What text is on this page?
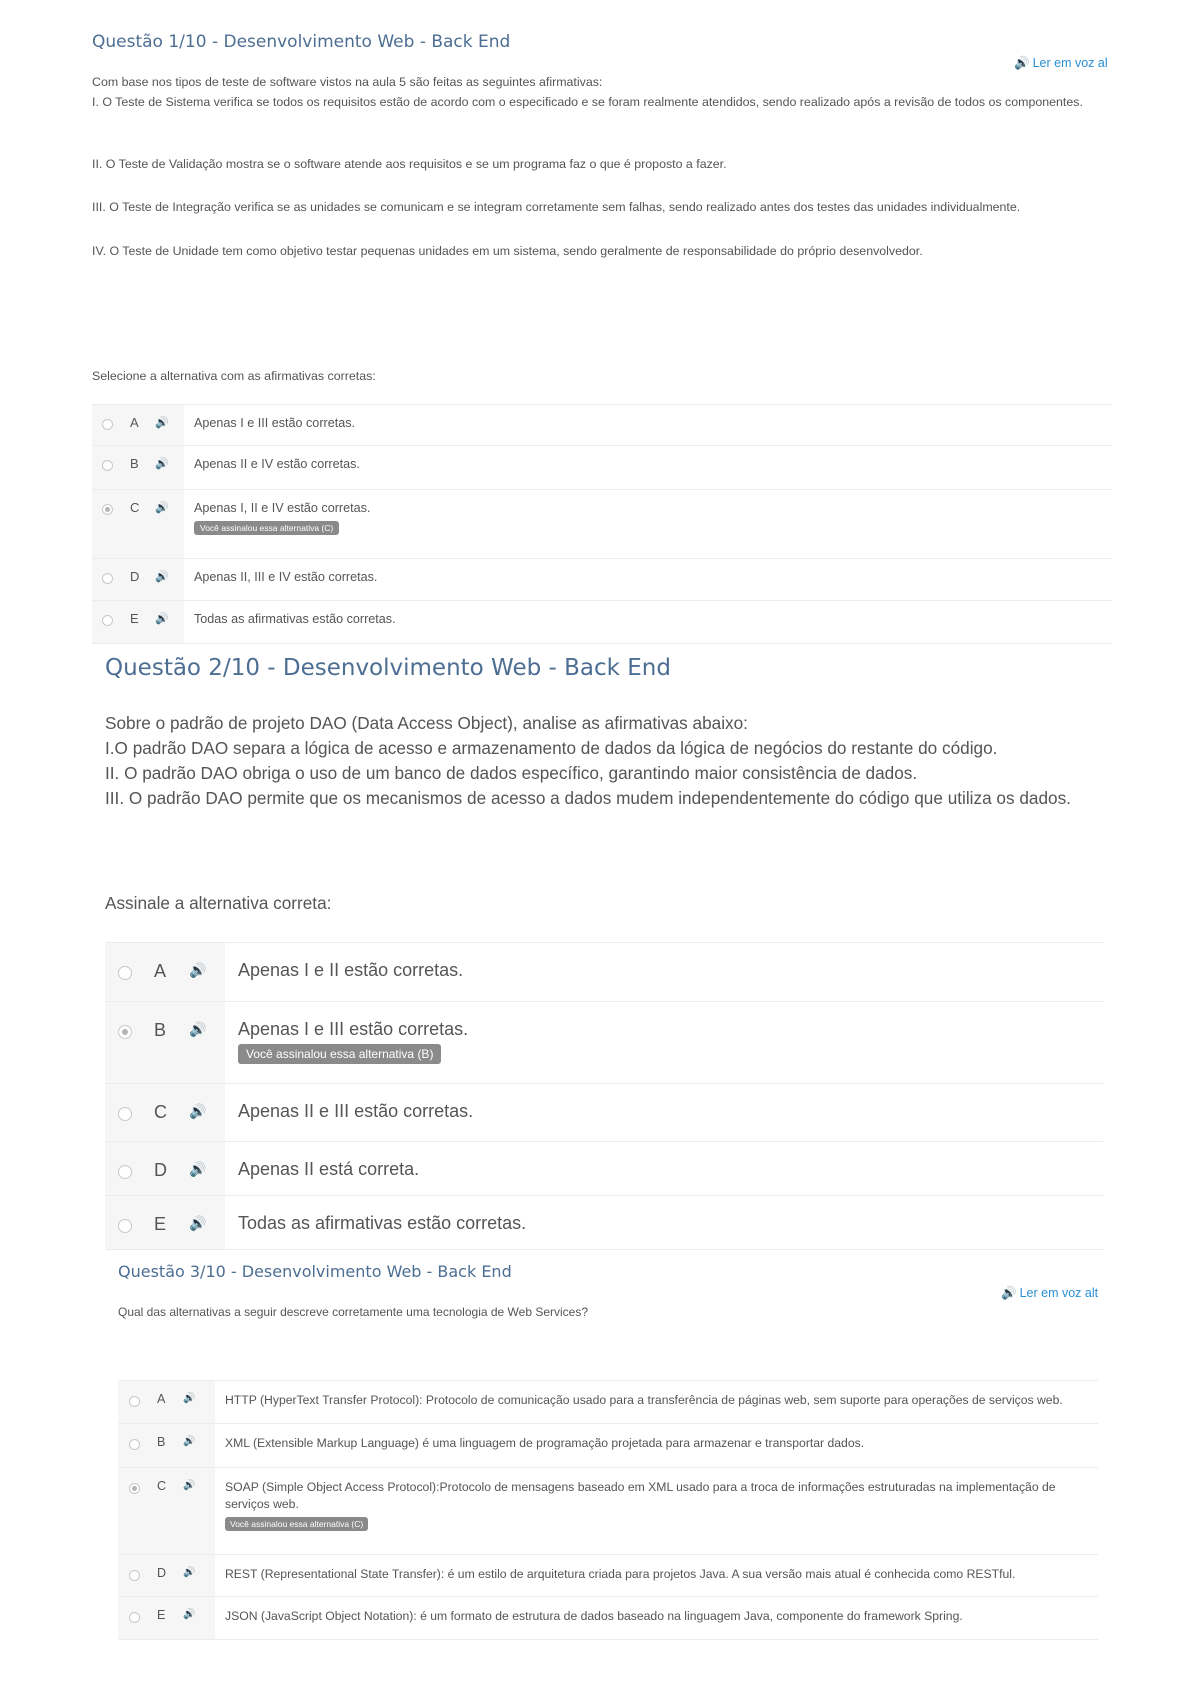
Questão 1/10 - Desenvolvimento Web - Back End
🔊 Ler em voz al

Com base nos tipos de teste de software vistos na aula 5 são feitas as seguintes afirmativas:

I. O Teste de Sistema verifica se todos os requisitos estão de acordo com o especificado e se foram realmente atendidos, sendo realizado após a revisão de todos os componentes.

II. O Teste de Validação mostra se o software atende aos requisitos e se um programa faz o que é proposto a fazer.

III. O Teste de Integração verifica se as unidades se comunicam e se integram corretamente sem falhas, sendo realizado antes dos testes das unidades individualmente.

IV. O Teste de Unidade tem como objetivo testar pequenas unidades em um sistema, sendo geralmente de responsabilidade do próprio desenvolvedor.

Selecione a alternativa com as afirmativas corretas:

A	🔊 Apenas I e III estão corretas.
B	🔊 Apenas II e IV estão corretas.
C	🔊 Apenas I, II e IV estão corretas.
Você assinalou essa alternativa (C)
D	🔊 Apenas II, III e IV estão corretas.
E	🔊 Todas as afirmativas estão corretas.
Questão 2/10 - Desenvolvimento Web - Back End

Sobre o padrão de projeto DAO (Data Access Object), analise as afirmativas abaixo:

I.O padrão DAO separa a lógica de acesso e armazenamento de dados da lógica de negócios do restante do código.

II. O padrão DAO obriga o uso de um banco de dados específico, garantindo maior consistência de dados.

III. O padrão DAO permite que os mecanismos de acesso a dados mudem independentemente do código que utiliza os dados.

Assinale a alternativa correta:

A	🔊 Apenas I e II estão corretas.
B	🔊 Apenas I e III estão corretas.
Você assinalou essa alternativa (B)
C	🔊 Apenas II e III estão corretas.
D	🔊 Apenas II está correta.
E	🔊 Todas as afirmativas estão corretas.
Questão 3/10 - Desenvolvimento Web - Back End
🔊 Ler em voz alt

Qual das alternativas a seguir descreve corretamente uma tecnologia de Web Services?

A	🔊 HTTP (HyperText Transfer Protocol): Protocolo de comunicação usado para a transferência de páginas web, sem suporte para operações de serviços web.
B	🔊 XML (Extensible Markup Language) é uma linguagem de programação projetada para armazenar e transportar dados.
C	🔊 SOAP (Simple Object Access Protocol):Protocolo de mensagens baseado em XML usado para a troca de informações estruturadas na implementação de serviços web.
Você assinalou essa alternativa (C)
D	🔊 REST (Representational State Transfer): é um estilo de arquitetura criada para projetos Java. A sua versão mais atual é conhecida como RESTful.
E	🔊 JSON (JavaScript Object Notation): é um formato de estrutura de dados baseado na linguagem Java, componente do framework Spring.
